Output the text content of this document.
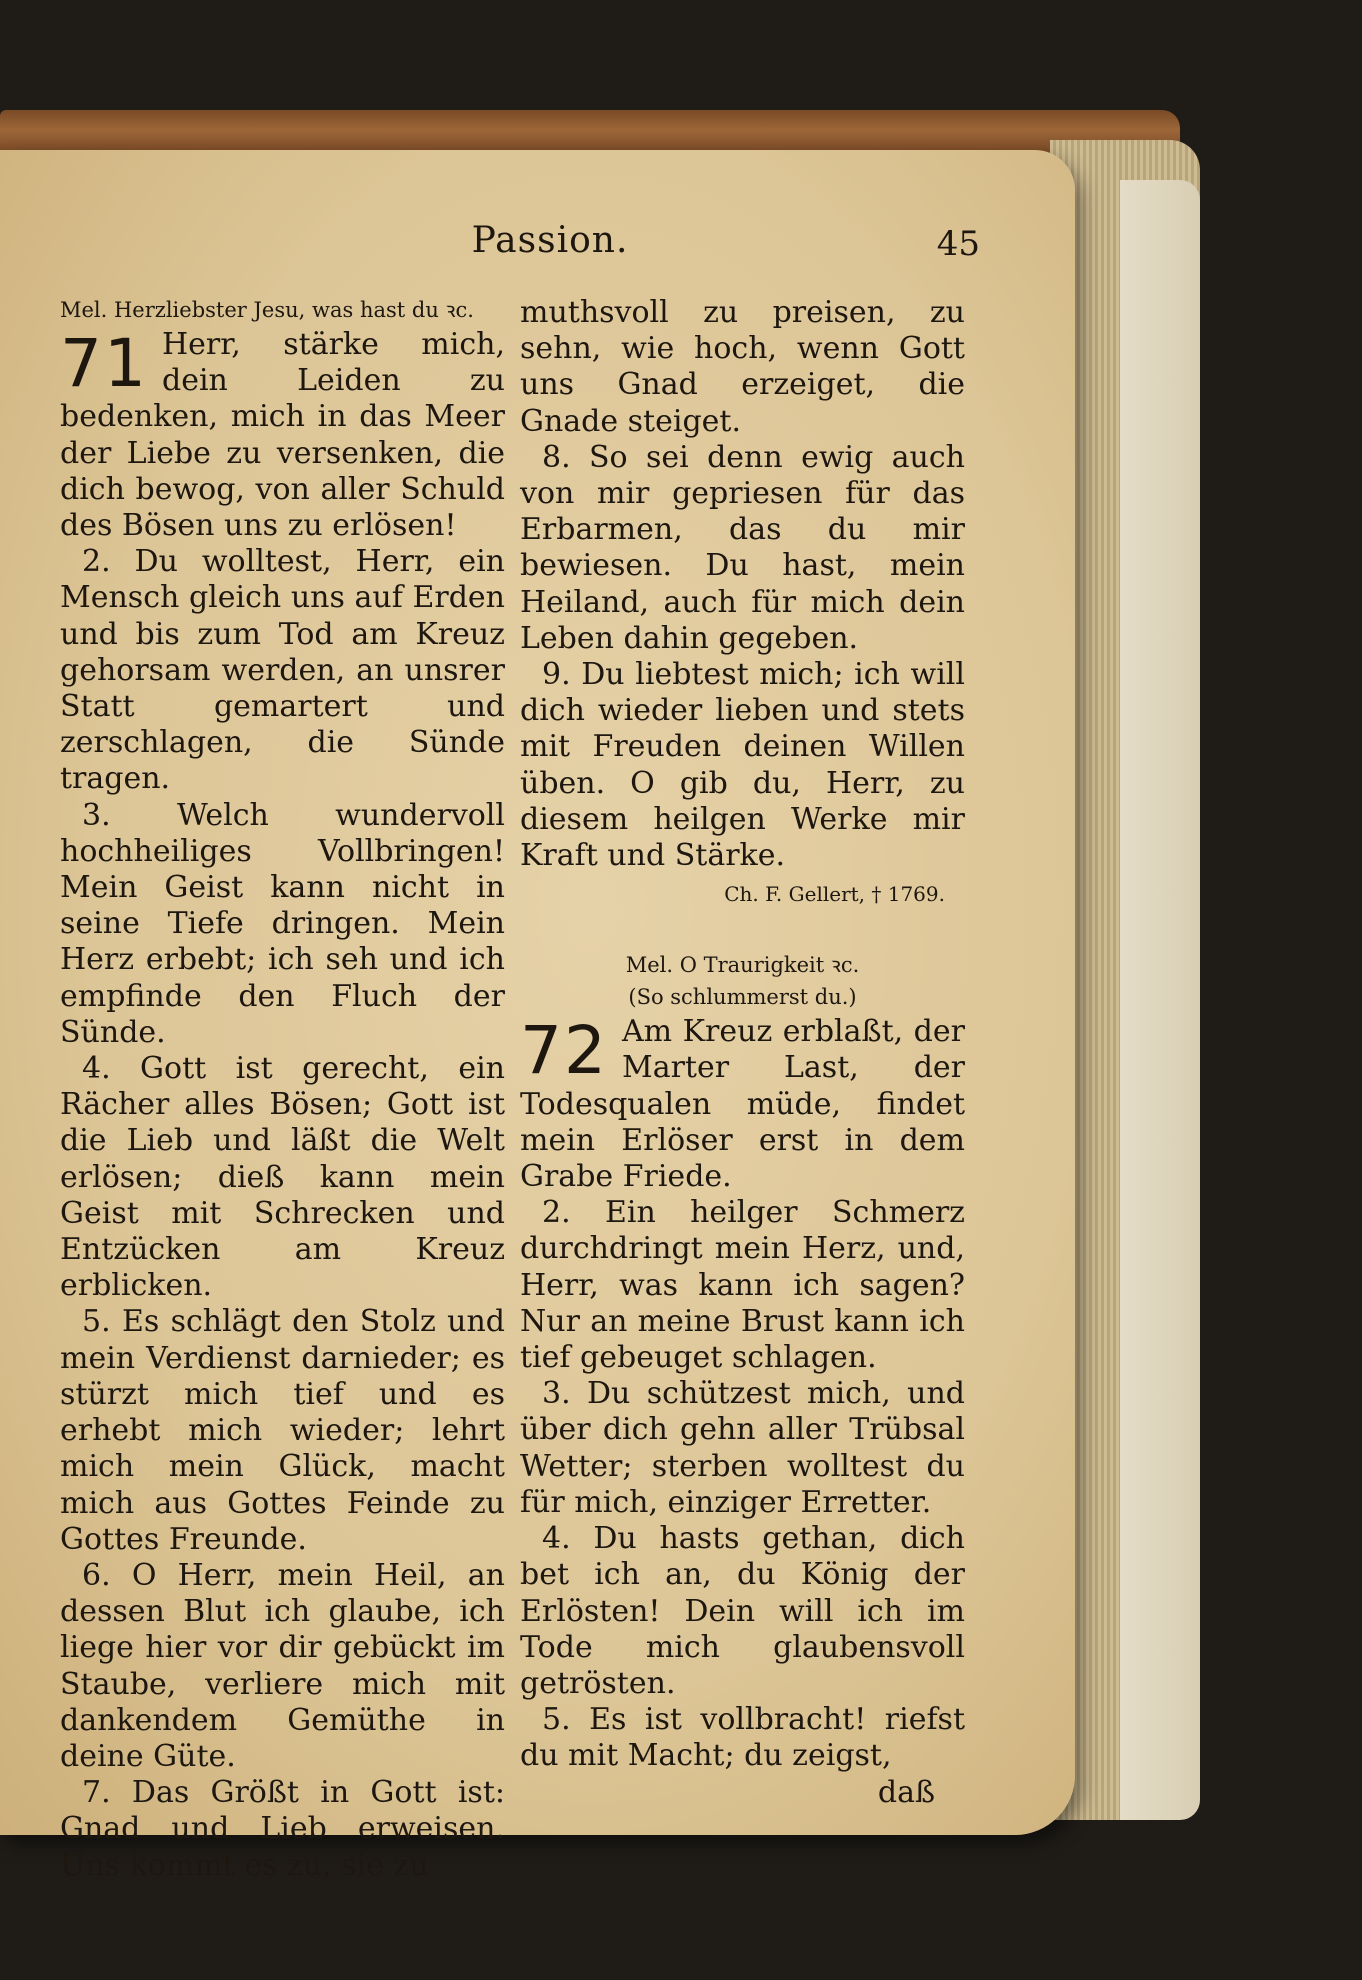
Passion.	45
Mel. Herzliebster Jesu, was hast du ꝛc.
71 Herr, stärke mich, dein Leiden zu bedenken, mich in das Meer der Liebe zu versenken, die dich bewog, von aller Schuld des Bösen uns zu erlösen!

2. Du wolltest, Herr, ein Mensch gleich uns auf Erden und bis zum Tod am Kreuz gehorsam werden, an unsrer Statt gemartert und zerschlagen, die Sünde tragen.

3. Welch wundervoll hochheiliges Vollbringen! Mein Geist kann nicht in seine Tiefe dringen. Mein Herz erbebt; ich seh und ich empfinde den Fluch der Sünde.

4. Gott ist gerecht, ein Rächer alles Bösen; Gott ist die Lieb und läßt die Welt erlösen; dieß kann mein Geist mit Schrecken und Entzücken am Kreuz erblicken.

5. Es schlägt den Stolz und mein Verdienst darnieder; es stürzt mich tief und es erhebt mich wieder; lehrt mich mein Glück, macht mich aus Gottes Feinde zu Gottes Freunde.

6. O Herr, mein Heil, an dessen Blut ich glaube, ich liege hier vor dir gebückt im Staube, verliere mich mit dankendem Gemüthe in deine Güte.

7. Das Größt in Gott ist: Gnad und Lieb erweisen. Uns kommt es zu, sie zu

muthsvoll zu preisen, zu sehn, wie hoch, wenn Gott uns Gnad erzeiget, die Gnade steiget.

8. So sei denn ewig auch von mir gepriesen für das Erbarmen, das du mir bewiesen. Du hast, mein Heiland, auch für mich dein Leben dahin gegeben.

9. Du liebtest mich; ich will dich wieder lieben und stets mit Freuden deinen Willen üben. O gib du, Herr, zu diesem heilgen Werke mir Kraft und Stärke.

Ch. F. Gellert, † 1769.
Mel. O Traurigkeit ꝛc.
(So schlummerst du.)
72 Am Kreuz erblaßt, der Marter Last, der Todesqualen müde, findet mein Erlöser erst in dem Grabe Friede.

2. Ein heilger Schmerz durchdringt mein Herz, und, Herr, was kann ich sagen? Nur an meine Brust kann ich tief gebeuget schlagen.

3. Du schützest mich, und über dich gehn aller Trübsal Wetter; sterben wolltest du für mich, einziger Erretter.

4. Du hasts gethan, dich bet ich an, du König der Erlösten! Dein will ich im Tode mich glaubensvoll getrösten.

5. Es ist vollbracht! riefst du mit Macht; du zeigst,

daß
